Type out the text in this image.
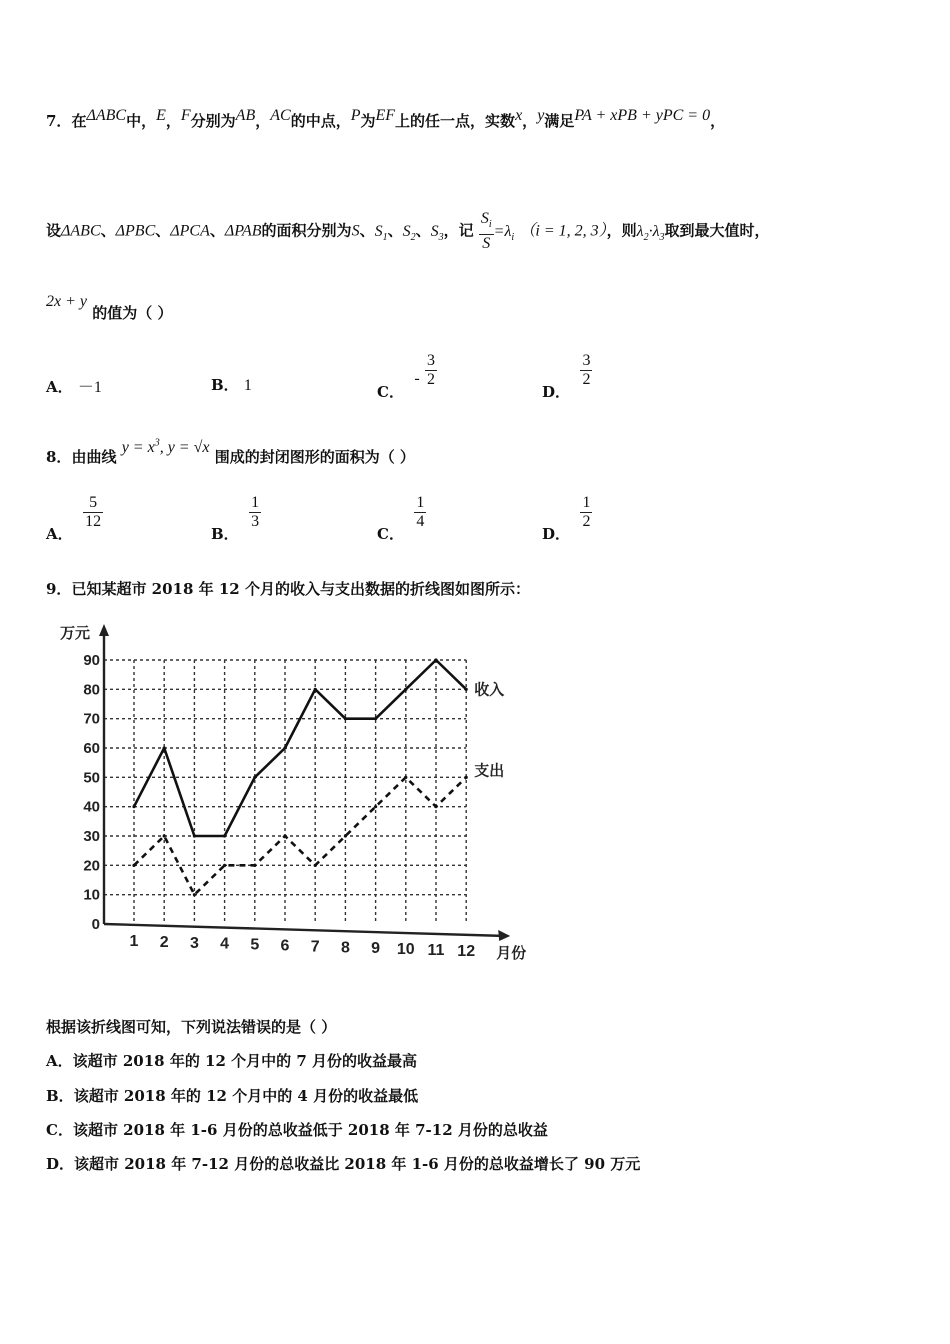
7．在ΔABC中，E，F分别为AB，AC的中点，P为EF上的任一点，实数x，y满足PA + xPB + yPC = 0，
设ΔABC、ΔPBC、ΔPCA、ΔPAB的面积分别为S、$S_1$、$S_2$、$S_3$，记 $\frac{S_i}{S} =\lambda_i$ （i = 1, 2, 3），则$\lambda_2\cdot\lambda_3$取到最大值时，
2x + y 的值为（ ）
A． －1	B． 1	C．  - $\frac{3}{2}$
D．
$\frac{3}{2}$
8．由曲线 $y = x^3$, y = √x 围成的封闭图形的面积为（ ）
A．
$\frac{5}{12}$
B．
$\frac{1}{3}$
C．
$\frac{1}{4}$
D．
$\frac{1}{2}$
9．已知某超市 2018 年 12 个月的收入与支出数据的折线图如图所示：
0
10
20
30
40
50
60
70
80
90
1 2 3 4 5 6 7 8 9 10 11 12
万元
月份
收入
支出
根据该折线图可知，下列说法错误的是（ ）
A．该超市 2018 年的 12 个月中的 7 月份的收益最高
B．该超市 2018 年的 12 个月中的 4 月份的收益最低
C．该超市 2018 年 1-6 月份的总收益低于 2018 年 7-12 月份的总收益
D．该超市 2018 年 7-12 月份的总收益比 2018 年 1-6 月份的总收益增长了 90 万元
